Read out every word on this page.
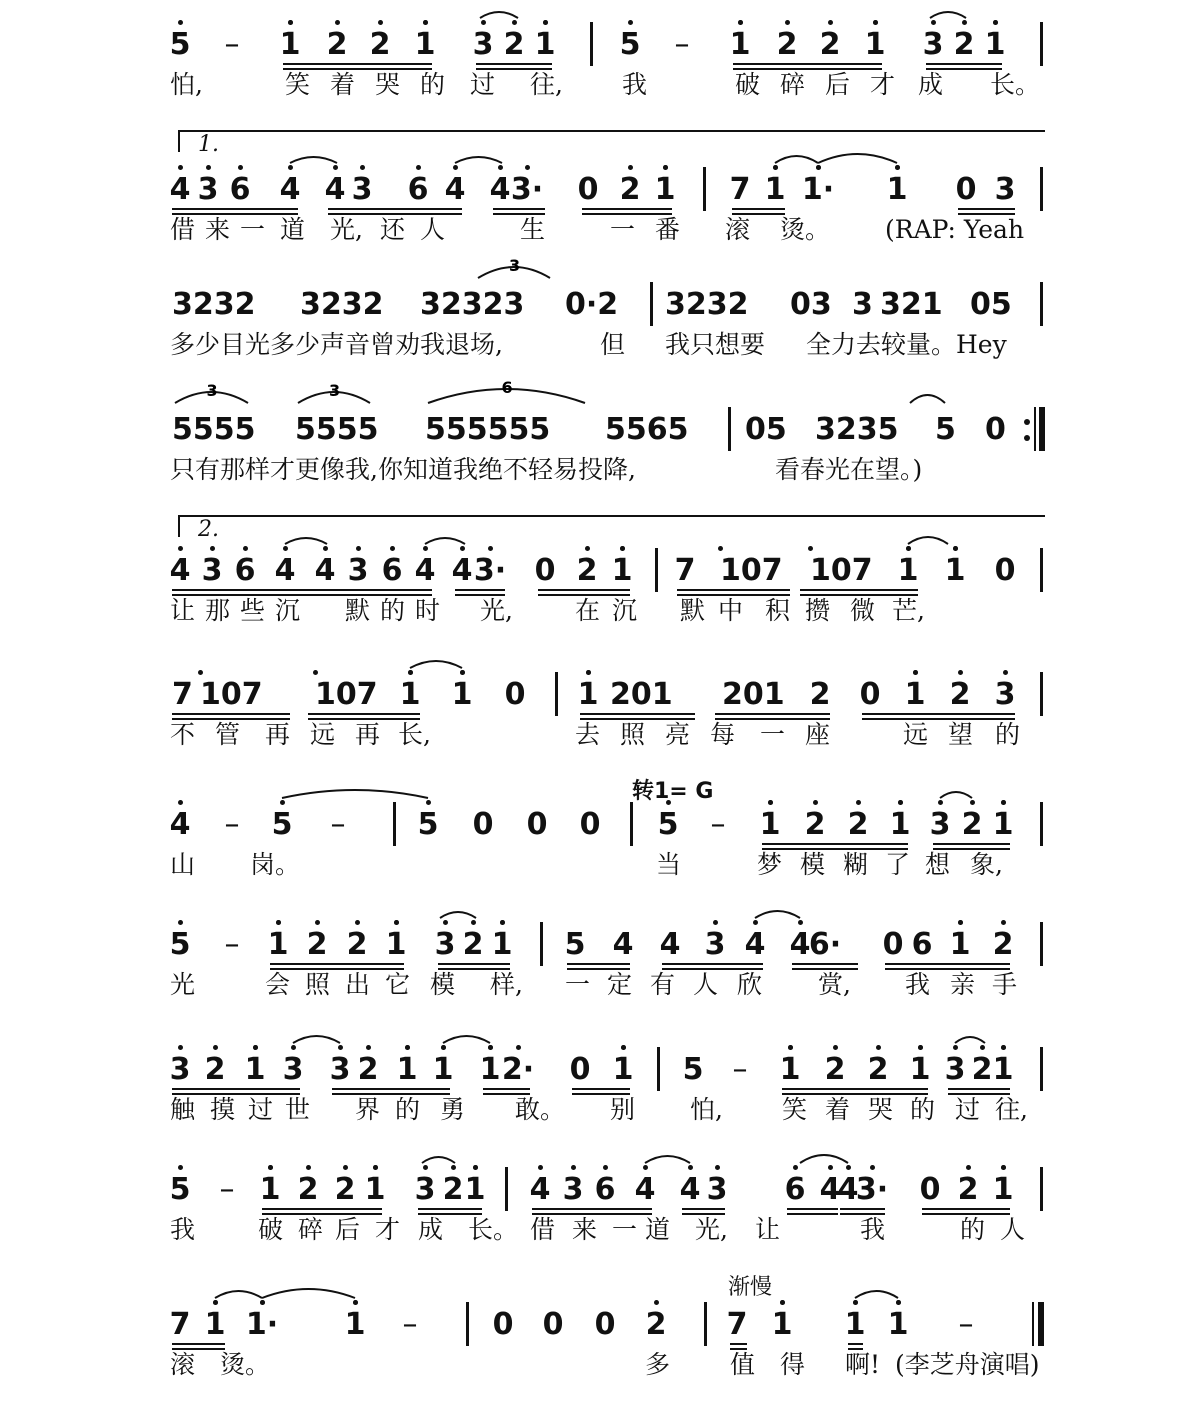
5 – 1 2 2 1 3 2 1 5 – 1 2 2 1 3 2 1
怕,	笑 着 哭 的 过 往, 我	破 碎 后 才 成 长。
4 3 6 4 4 3 6 4 4 3· 0 2 1 7 1 1· 1 0 3
借 来 一 道 光, 还 人	生	一 番 滚 烫。 (RAP: Yeah
3232 3232 32323 0·2 3232 03 3 321 05
多少目光多少声音曾劝我退场,	但 我只想要 全力去较量。Hey
5555 5555 555555 5565 05 3235 5 0
只有那样才更像我,你知道我绝不轻易投降,	看春光在望。)
4 3 6 4 4 3 6 4 4 3· 0 2 1 7 107 107 1 1 0
让 那 些 沉 默 的 时 光, 在 沉 默 中 积 攒 微 芒,
7 107 107 1 1 0 1 201 201 2 0 1 2 3
不 管 再 远 再 长,	去 照 亮 每 一 座	远 望 的
4 – 5 – 5 0 0 0 5 – 1 2 2 1 3 2 1
山 岗。	当	梦 模 糊 了 想 象,
5 – 1 2 2 1 3 2 1 5 4 4 3 4 4
6· 0 6 1 2
光	会 照 出 它 模 样, 一 定 有 人 欣 赏, 我 亲 手
3 2 1 3 3 2 1 1 1 2· 0 1 5 – 1 2 2 1 3 2 1
触 摸 过 世 界 的 勇 敢。 别 怕, 笑 着 哭 的 过 往,
5 – 1 2 2 1 3 2 1 4 3 6 4 4 3 6 4
4
3· 0 2 1
我	破 碎 后 才 成 长。 借 来 一 道 光, 让	我	的 人
7 1 1· 1 –	0 0 0 2 7 1 1 1 –
滚 烫。	多 值 得 啊! (李芝舟演唱)
1.
2.
转1= G
渐慢
3
3	3	6
